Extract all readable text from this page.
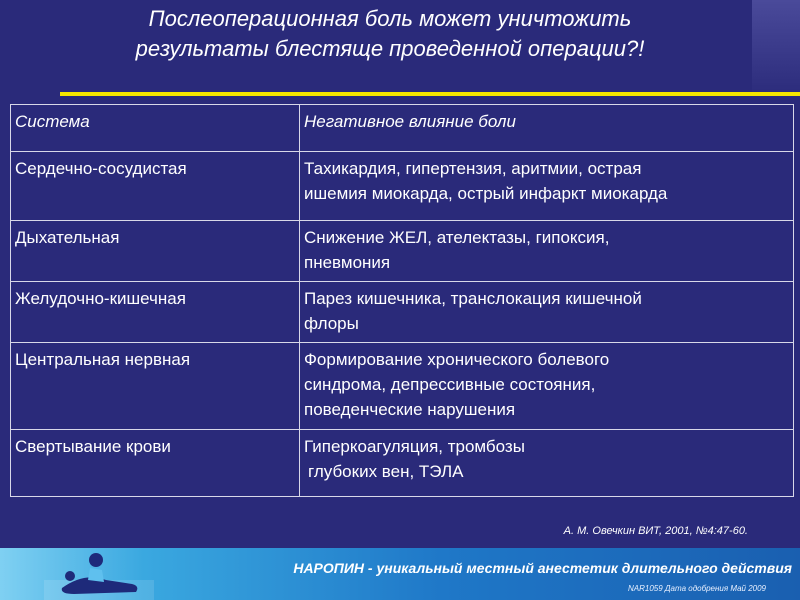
Послеоперационная боль может уничтожить
результаты блестяще проведенной операции?!
Система	Негативное влияние боли
Сердечно-сосудистая	Тахикардия, гипертензия, аритмии, острая
ишемия миокарда, острый инфаркт миокарда

Дыхательная	Снижение ЖЕЛ, ателектазы, гипоксия,
пневмония

Желудочно-кишечная	Парез кишечника, транслокация кишечной
флоры

Центральная нервная	Формирование хронического болевого
синдрома, депрессивные состояния,
поведенческие нарушения

Свертывание крови	Гиперкоагуляция, тромбозы
глубоких вен, ТЭЛА
А. М. Овечкин ВИТ, 2001, №4:47-60.
НАРОПИН - уникальный местный анестетик длительного действия
NAR1059 Дата одобрения Май 2009
